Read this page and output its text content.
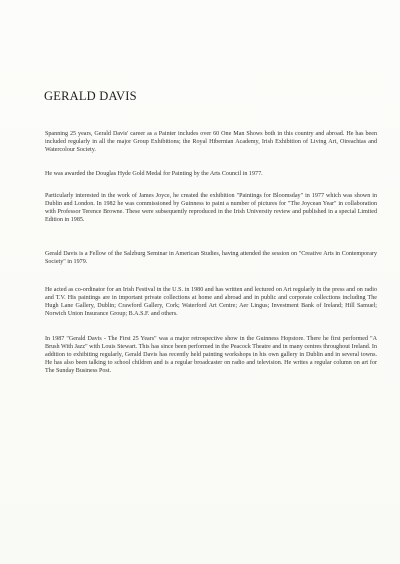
GERALD DAVIS

Spanning 25 years, Gerald Davis' career as a Painter includes over 60 One Man Shows both in this country and abroad. He has been included regularly in all the major Group Exhibitions; the Royal Hibernian Academy, Irish Exhibition of Living Art, Oireachtas and Watercolour Society.

He was awarded the Douglas Hyde Gold Medal for Painting by the Arts Council in 1977.

Particularly interested in the work of James Joyce, he created the exhibition "Paintings for Bloomsday" in 1977 which was shown in Dublin and London. In 1982 he was commissioned by Guinness to paint a number of pictures for "The Joycean Year" in collaboration with Professor Terence Browne. These were subsequently reproduced in the Irish University review and published in a special Limited Edition in 1985.

Gerald Davis is a Fellow of the Salzburg Seminar in American Studies, having attended the session on "Creative Arts in Contemporary Society" in 1979.

He acted as co-ordinator for an Irish Festival in the U.S. in 1980 and has written and lectured on Art regularly in the press and on radio and T.V. His paintings are in important private collections at home and abroad and in public and corporate collections including The Hugh Lane Gallery, Dublin; Crawford Gallery, Cork; Waterford Art Centre; Aer Lingus; Investment Bank of Ireland; Hill Samuel; Norwich Union Insurance Group; B.A.S.F. and others.

In 1987 "Gerald Davis - The First 25 Years" was a major retrospective show in the Guinness Hopstore. There he first performed "A Brush With Jazz" with Louis Stewart. This has since been performed in the Peacock Theatre and in many centres throughout Ireland. In addition to exhibiting regularly, Gerald Davis has recently held painting workshops in his own gallery in Dublin and in several towns. He has also been talking to school children and is a regular broadcaster on radio and television. He writes a regular column on art for The Sunday Business Post.
